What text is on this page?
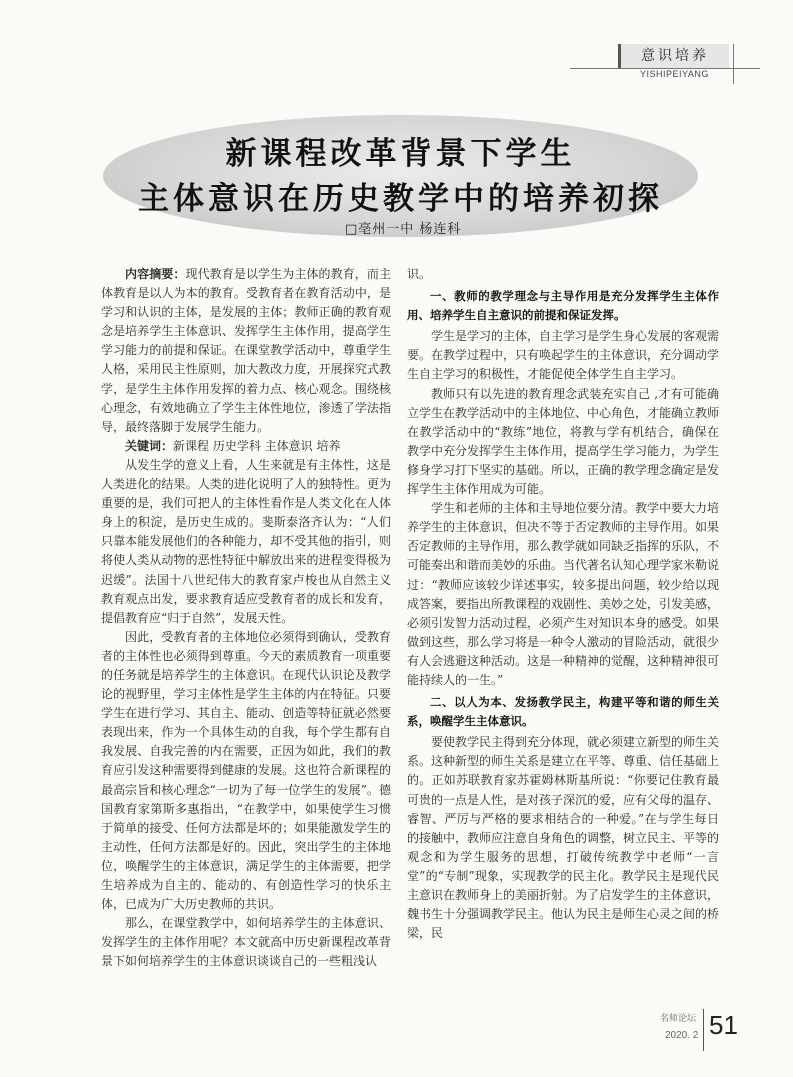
意识培养
YISHIPEIYANG
新课程改革背景下学生
主体意识在历史教学中的培养初探
□亳州一中 杨连科

内容摘要：现代教育是以学生为主体的教育，而主体教育是以人为本的教育。受教育者在教育活动中，是学习和认识的主体，是发展的主体；教师正确的教育观念是培养学生主体意识、发挥学生主体作用，提高学生学习能力的前提和保证。在课堂教学活动中，尊重学生人格，采用民主性原则，加大教改力度，开展探究式教学，是学生主体作用发挥的着力点、核心观念。围绕核心理念，有效地确立了学生主体性地位，渗透了学法指导，最终落脚于发展学生能力。

关键词：新课程 历史学科 主体意识 培养

从发生学的意义上看，人生来就是有主体性，这是人类进化的结果。人类的进化说明了人的独特性。更为重要的是，我们可把人的主体性看作是人类文化在人体身上的积淀，是历史生成的。斐斯泰洛齐认为：“人们只靠本能发展他们的各种能力，却不受其他的指引，则将使人类从动物的恶性特征中解放出来的进程变得极为迟缓”。法国十八世纪伟大的教育家卢梭也从自然主义教育观点出发，要求教育适应受教育者的成长和发育，提倡教育应“归于自然”，发展天性。

因此，受教育者的主体地位必须得到确认，受教育者的主体性也必须得到尊重。今天的素质教育一项重要的任务就是培养学生的主体意识。在现代认识论及教学论的视野里，学习主体性是学生主体的内在特征。只要学生在进行学习、其自主、能动、创造等特征就必然要表现出来，作为一个具体生动的自我，每个学生都有自我发展、自我完善的内在需要，正因为如此，我们的教育应引发这种需要得到健康的发展。这也符合新课程的最高宗旨和核心理念“一切为了每一位学生的发展”。德国教育家第斯多惠指出，“在教学中，如果使学生习惯于简单的接受、任何方法都是坏的；如果能激发学生的主动性，任何方法都是好的。因此，突出学生的主体地位，唤醒学生的主体意识，满足学生的主体需要，把学生培养成为自主的、能动的、有创造性学习的快乐主体，已成为广大历史教师的共识。

那么，在课堂教学中，如何培养学生的主体意识、发挥学生的主体作用呢？本文就高中历史新课程改革背景下如何培养学生的主体意识谈谈自己的一些粗浅认

识。

一、教师的教学理念与主导作用是充分发挥学生主体作用、培养学生自主意识的前提和保证发挥。

学生是学习的主体，自主学习是学生身心发展的客观需要。在教学过程中，只有唤起学生的主体意识，充分调动学生自主学习的积极性，才能促使全体学生自主学习。

教师只有以先进的教育理念武装充实自己 ,才有可能确立学生在教学活动中的主体地位、中心角色，才能确立教师在教学活动中的“教练”地位，将教与学有机结合，确保在教学中充分发挥学生主体作用，提高学生学习能力，为学生修身学习打下坚实的基础。所以，正确的教学理念确定是发挥学生主体作用成为可能。

学生和老师的主体和主导地位要分清。教学中要大力培养学生的主体意识，但决不等于否定教师的主导作用。如果否定教师的主导作用，那么教学就如同缺乏指挥的乐队，不可能奏出和谐而美妙的乐曲。当代著名认知心理学家米勒说过：“教师应该较少详述事实，较多提出问题，较少给以现成答案，要指出所教课程的戏剧性、美妙之处，引发美感，必须引发智力活动过程，必须产生对知识本身的感受。如果做到这些，那么学习将是一种令人激动的冒险活动，就很少有人会逃避这种活动。这是一种精神的觉醒，这种精神很可能持续人的一生。”

二、以人为本、发扬教学民主，构建平等和谐的师生关系，唤醒学生主体意识。

要使教学民主得到充分体现，就必须建立新型的师生关系。这种新型的师生关系是建立在平等、尊重、信任基础上的。正如苏联教育家苏霍姆林斯基所说：“你要记住教育最可贵的一点是人性，是对孩子深沉的爱，应有父母的温存、睿智、严厉与严格的要求相结合的一种爱。”在与学生每日的接触中，教师应注意自身角色的调整，树立民主、平等的观念和为学生服务的思想，打破传统教学中老师“一言堂”的“专制”现象，实现教学的民主化。教学民主是现代民主意识在教师身上的美丽折射。为了启发学生的主体意识，魏书生十分强调教学民主。他认为民主是师生心灵之间的桥梁，民

名师论坛
2020. 2 51
